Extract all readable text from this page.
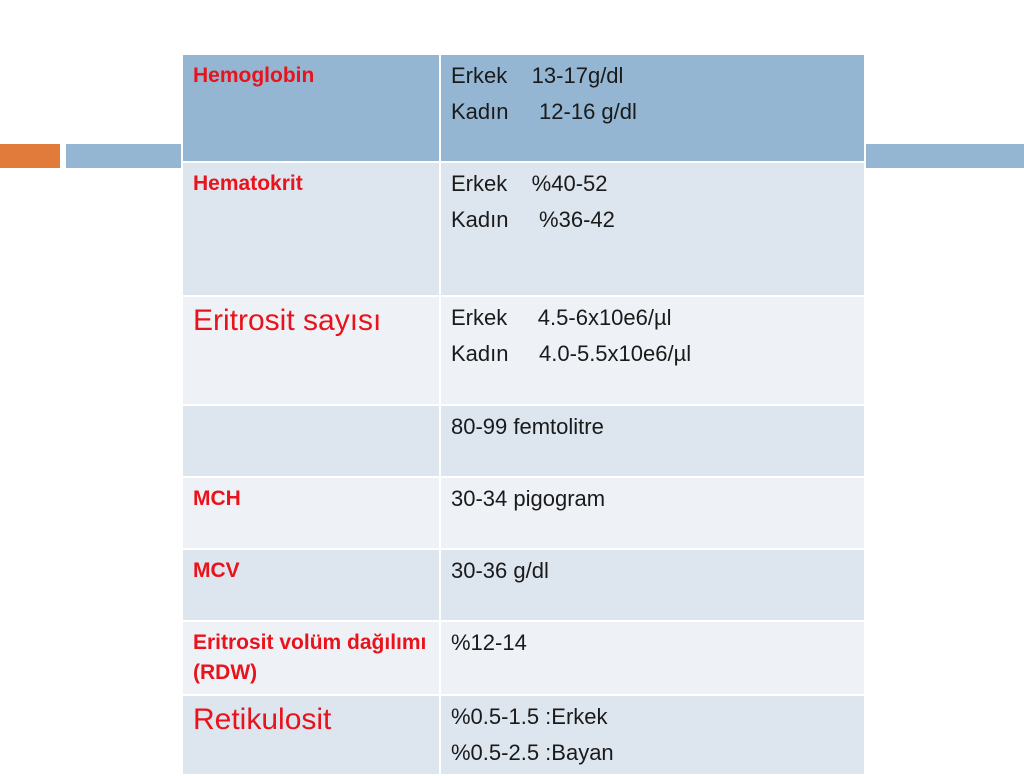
Hemoglobin	Erkek    13-17g/dl
Kadın     12-16 g/dl

Hematokrit	Erkek    %40-52
Kadın     %36-42

Eritrosit sayısı	Erkek     4.5-6x10e6/µl
Kadın     4.0-5.5x10e6/µl

	80-99 femtolitre

MCH	30-34 pigogram

MCV	30-36 g/dl

Eritrosit volüm dağılımı (RDW)	%12-14

Retikulosit	%0.5-1.5 :Erkek
%0.5-2.5 :Bayan
